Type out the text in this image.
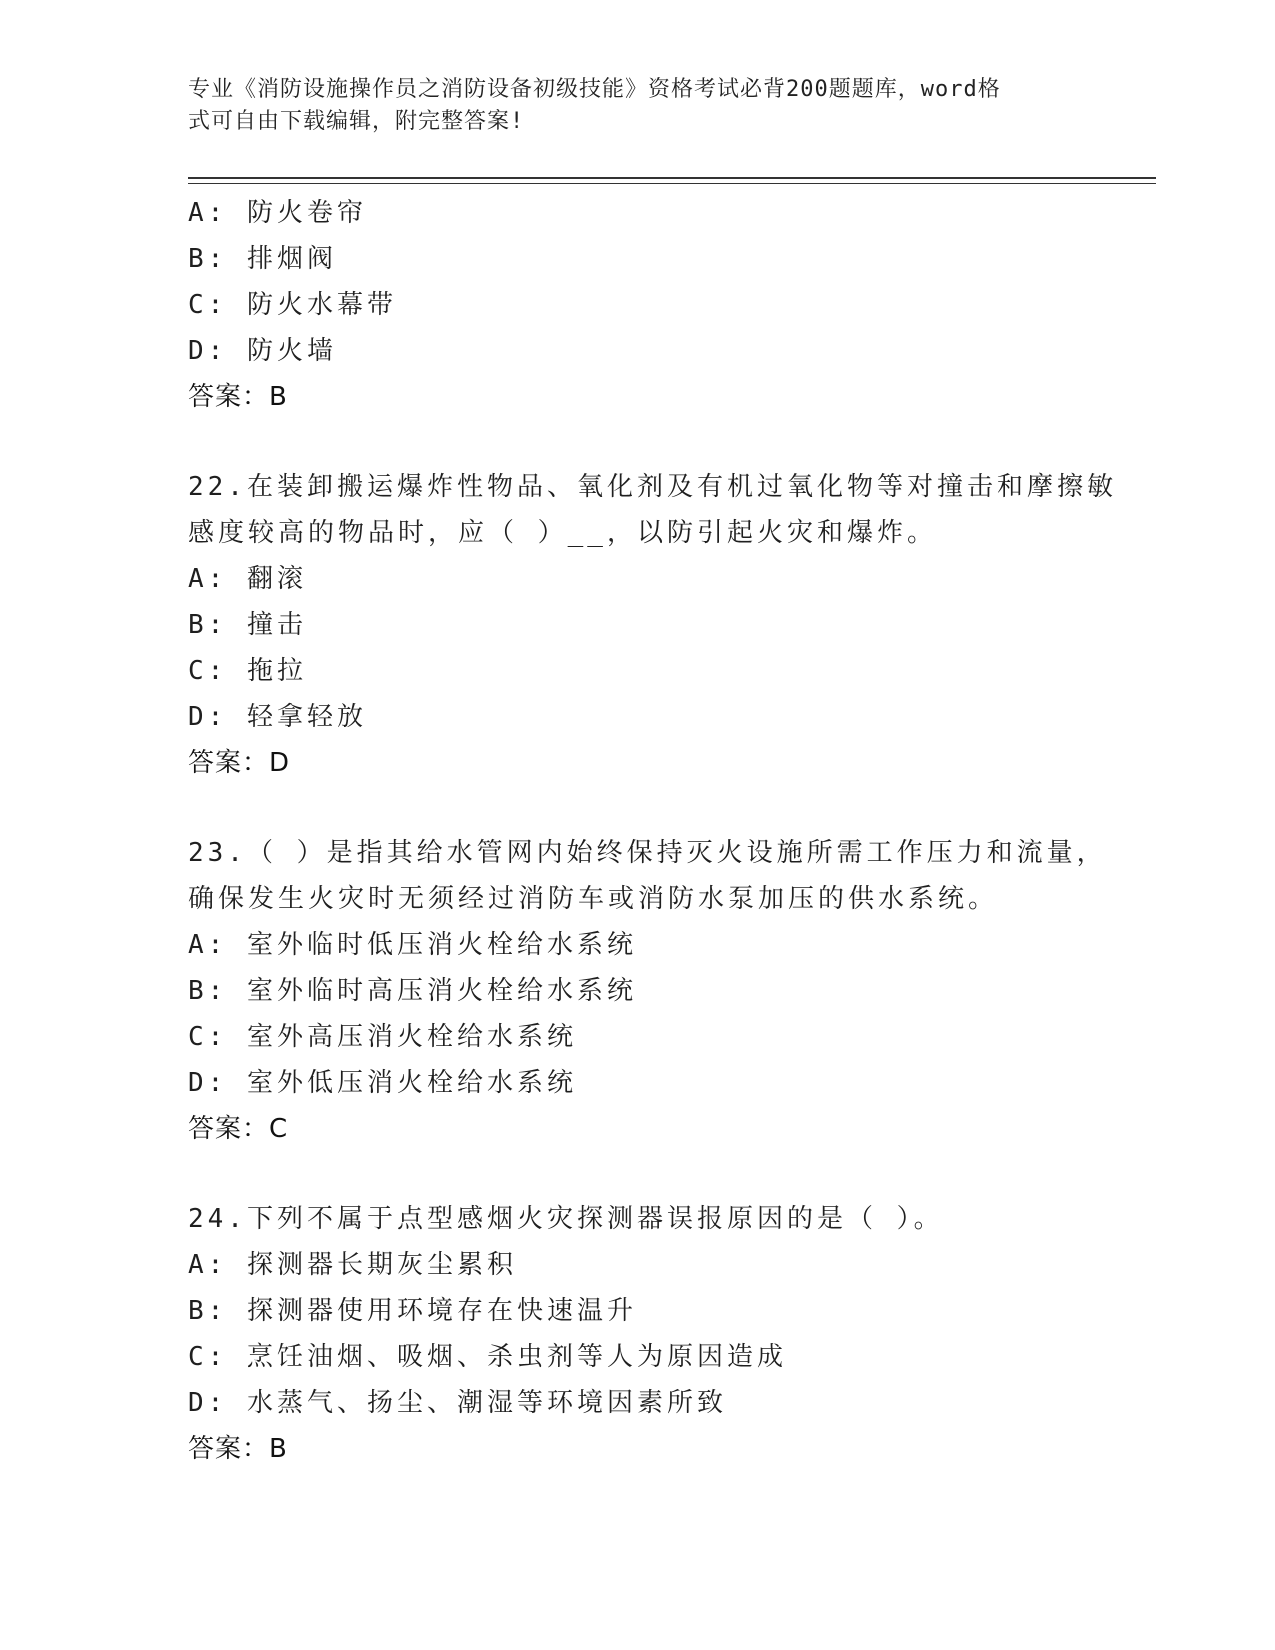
专业《消防设施操作员之消防设备初级技能》资格考试必背200题题库，word格
式可自由下载编辑，附完整答案!
A: 防火卷帘
B: 排烟阀
C: 防火水幕带
D: 防火墙
答案：B
22.在装卸搬运爆炸性物品、氧化剂及有机过氧化物等对撞击和摩擦敏
感度较高的物品时，应（ ）__，以防引起火灾和爆炸。
A: 翻滚
B: 撞击
C: 拖拉
D: 轻拿轻放
答案：D
23.（ ）是指其给水管网内始终保持灭火设施所需工作压力和流量，
确保发生火灾时无须经过消防车或消防水泵加压的供水系统。
A: 室外临时低压消火栓给水系统
B: 室外临时高压消火栓给水系统
C: 室外高压消火栓给水系统
D: 室外低压消火栓给水系统
答案：C
24.下列不属于点型感烟火灾探测器误报原因的是（ ）。
A: 探测器长期灰尘累积
B: 探测器使用环境存在快速温升
C: 烹饪油烟、吸烟、杀虫剂等人为原因造成
D: 水蒸气、扬尘、潮湿等环境因素所致
答案：B
